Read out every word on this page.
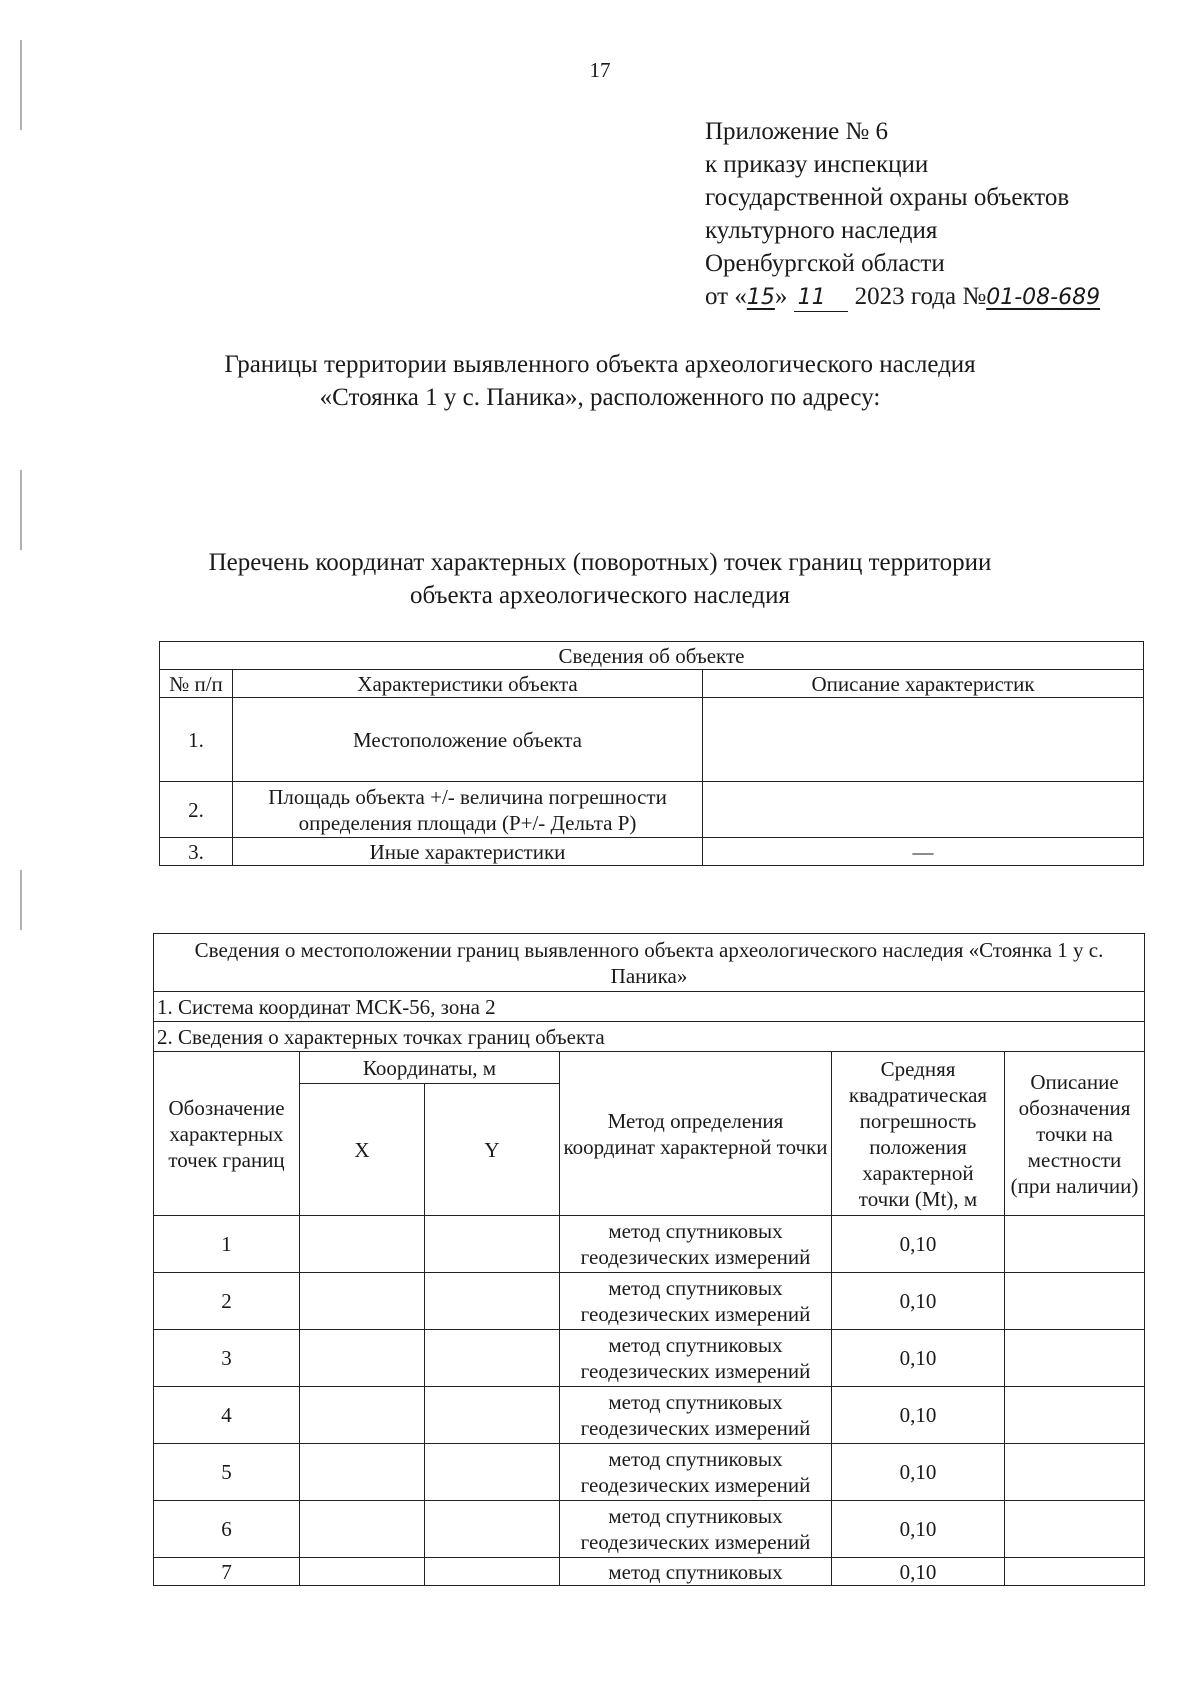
17
Приложение № 6
к приказу инспекции
государственной охраны объектов
культурного наследия
Оренбургской области
от «15» 11 2023 года №01-08-689
Границы территории выявленного объекта археологического наследия
«Стоянка 1 у с. Паника», расположенного по адресу:
Перечень координат характерных (поворотных) точек границ территории
объекта археологического наследия
Сведения об объекте		
№ п/п	Характеристики объекта	Описание характеристик
1.	Местоположение объекта	
2.	Площадь объекта +/- величина погрешности определения площади (P+/- Дельта P)	
3.	Иные характеристики	—
Сведения о местоположении границ выявленного объекта археологического наследия «Стоянка 1 у с. Паника»					
1. Система координат МСК-56, зона 2					
2. Сведения о характерных точках границ объекта					
Обозначение характерных точек границ	Координаты, м		Метод определения координат характерной точки	Средняя квадратическая погрешность положения характерной точки (Mt), м	Описание обозначения точки на местности (при наличии)
	X	Y			
1			метод спутниковых геодезических измерений	0,10	
2			метод спутниковых геодезических измерений	0,10	
3			метод спутниковых геодезических измерений	0,10	
4			метод спутниковых геодезических измерений	0,10	
5			метод спутниковых геодезических измерений	0,10	
6			метод спутниковых геодезических измерений	0,10	
7			метод спутниковых	0,10	
